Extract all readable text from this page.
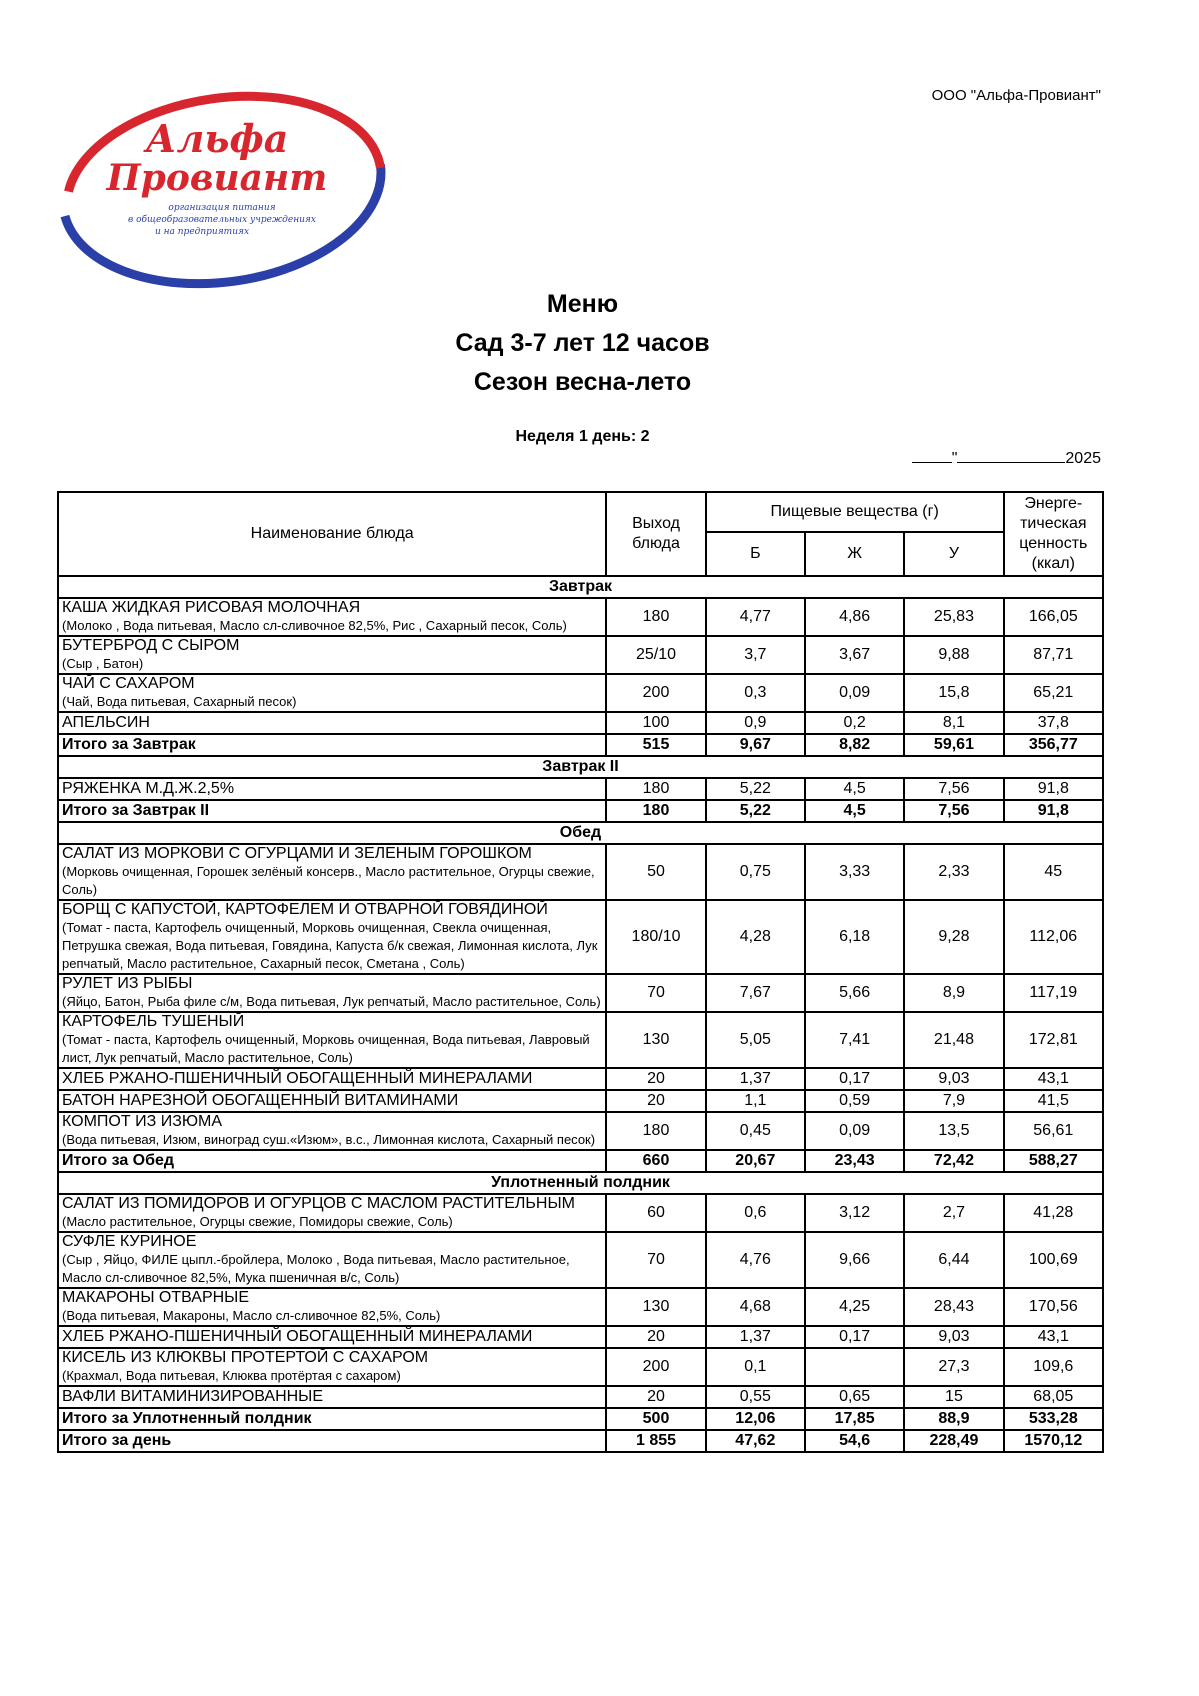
ООО "Альфа-Провиант"
Альфа
Провиант
организация питания
в общеобразовательных учреждениях
и на предприятиях
Меню
Сад 3-7 лет 12 часов
Сезон весна-лето
Неделя 1 день: 2
"	2025
Наименование блюда	Выход блюда	Пищевые вещества (г)			Энерге-тическая ценность (ккал)
		Б	Ж	У	
Завтрак					

КАША ЖИДКАЯ РИСОВАЯ МОЛОЧНАЯ
(Молоко , Вода питьевая, Масло сл-сливочное 82,5%, Рис , Сахарный песок, Соль)	180	4,77	4,86	25,83	166,05

БУТЕРБРОД С СЫРОМ
(Сыр , Батон)	25/10	3,7	3,67	9,88	87,71

ЧАЙ С САХАРОМ
(Чай, Вода питьевая, Сахарный песок)	200	0,3	0,09	15,8	65,21

АПЕЛЬСИН	100	0,9	0,2	8,1	37,8
Итого за Завтрак	515	9,67	8,82	59,61	356,77
Завтрак II					

РЯЖЕНКА М.Д.Ж.2,5%	180	5,22	4,5	7,56	91,8
Итого за Завтрак II	180	5,22	4,5	7,56	91,8
Обед					

САЛАТ ИЗ МОРКОВИ С ОГУРЦАМИ И ЗЕЛЕНЫМ ГОРОШКОМ
(Морковь очищенная, Горошек зелёный консерв., Масло растительное, Огурцы свежие, Соль)	50	0,75	3,33	2,33	45

БОРЩ С КАПУСТОЙ, КАРТОФЕЛЕМ И ОТВАРНОЙ ГОВЯДИНОЙ
(Томат - паста, Картофель очищенный, Морковь очищенная, Свекла очищенная, Петрушка свежая, Вода питьевая, Говядина, Капуста б/к свежая, Лимонная кислота, Лук репчатый, Масло растительное, Сахарный песок, Сметана , Соль)	180/10	4,28	6,18	9,28	112,06

РУЛЕТ ИЗ РЫБЫ
(Яйцо, Батон, Рыба филе с/м, Вода питьевая, Лук репчатый, Масло растительное, Соль)	70	7,67	5,66	8,9	117,19

КАРТОФЕЛЬ ТУШЕНЫЙ
(Томат - паста, Картофель очищенный, Морковь очищенная, Вода питьевая, Лавровый лист, Лук репчатый, Масло растительное, Соль)	130	5,05	7,41	21,48	172,81

ХЛЕБ РЖАНО-ПШЕНИЧНЫЙ ОБОГАЩЕННЫЙ МИНЕРАЛАМИ	20	1,37	0,17	9,03	43,1

БАТОН НАРЕЗНОЙ ОБОГАЩЕННЫЙ ВИТАМИНАМИ	20	1,1	0,59	7,9	41,5

КОМПОТ ИЗ ИЗЮМА
(Вода питьевая, Изюм, виноград суш.«Изюм», в.с., Лимонная кислота, Сахарный песок)	180	0,45	0,09	13,5	56,61
Итого за Обед	660	20,67	23,43	72,42	588,27
Уплотненный полдник					

САЛАТ ИЗ ПОМИДОРОВ И ОГУРЦОВ С МАСЛОМ РАСТИТЕЛЬНЫМ
(Масло растительное, Огурцы свежие, Помидоры свежие, Соль)	60	0,6	3,12	2,7	41,28

СУФЛЕ КУРИНОЕ
(Сыр , Яйцо, ФИЛЕ цыпл.-бройлера, Молоко , Вода питьевая, Масло растительное, Масло сл-сливочное 82,5%, Мука пшеничная в/с, Соль)	70	4,76	9,66	6,44	100,69

МАКАРОНЫ ОТВАРНЫЕ
(Вода питьевая, Макароны, Масло сл-сливочное 82,5%, Соль)	130	4,68	4,25	28,43	170,56

ХЛЕБ РЖАНО-ПШЕНИЧНЫЙ ОБОГАЩЕННЫЙ МИНЕРАЛАМИ	20	1,37	0,17	9,03	43,1

КИСЕЛЬ ИЗ КЛЮКВЫ ПРОТЕРТОЙ С САХАРОМ
(Крахмал, Вода питьевая, Клюква протёртая с сахаром)	200	0,1		27,3	109,6

ВАФЛИ ВИТАМИНИЗИРОВАННЫЕ	20	0,55	0,65	15	68,05
Итого за Уплотненный полдник	500	12,06	17,85	88,9	533,28
Итого за день	1 855	47,62	54,6	228,49	1570,12
